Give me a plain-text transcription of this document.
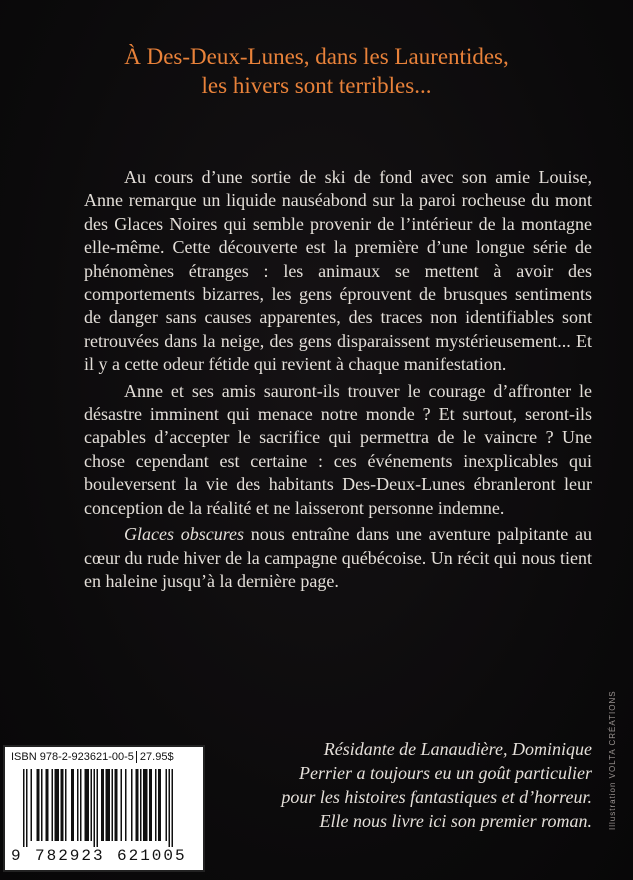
À Des-Deux-Lunes, dans les Laurentides,
les hivers sont terribles...

Au cours d’une sortie de ski de fond avec son amie Louise, Anne remarque un liquide nauséabond sur la paroi rocheuse du mont des Glaces Noires qui semble provenir de l’intérieur de la montagne elle-même. Cette découverte est la première d’une longue série de phénomènes étranges : les animaux se mettent à avoir des comportements bizarres, les gens éprouvent de brusques sentiments de danger sans causes apparentes, des traces non identifiables sont retrouvées dans la neige, des gens disparaissent mystérieusement... Et il y a cette odeur fétide qui revient à chaque manifestation.

Anne et ses amis sauront-ils trouver le courage d’affronter le désastre imminent qui menace notre monde ? Et surtout, seront-ils capables d’accepter le sacrifice qui permettra de le vaincre ? Une chose cependant est certaine : ces événements inexplicables qui bouleversent la vie des habitants Des-Deux-Lunes ébranleront leur conception de la réalité et ne laisseront personne indemne.

Glaces obscures nous entraîne dans une aventure palpitante au cœur du rude hiver de la campagne québécoise. Un récit qui nous tient en haleine jusqu’à la dernière page.

Résidante de Lanaudière, Dominique
Perrier a toujours eu un goût particulier
pour les histoires fantastiques et d’horreur.
Elle nous livre ici son premier roman. Illustration VOLTA CRÉATIONS
ISBN 978-2-923621-00-5 27.95$
9 782923 621005
